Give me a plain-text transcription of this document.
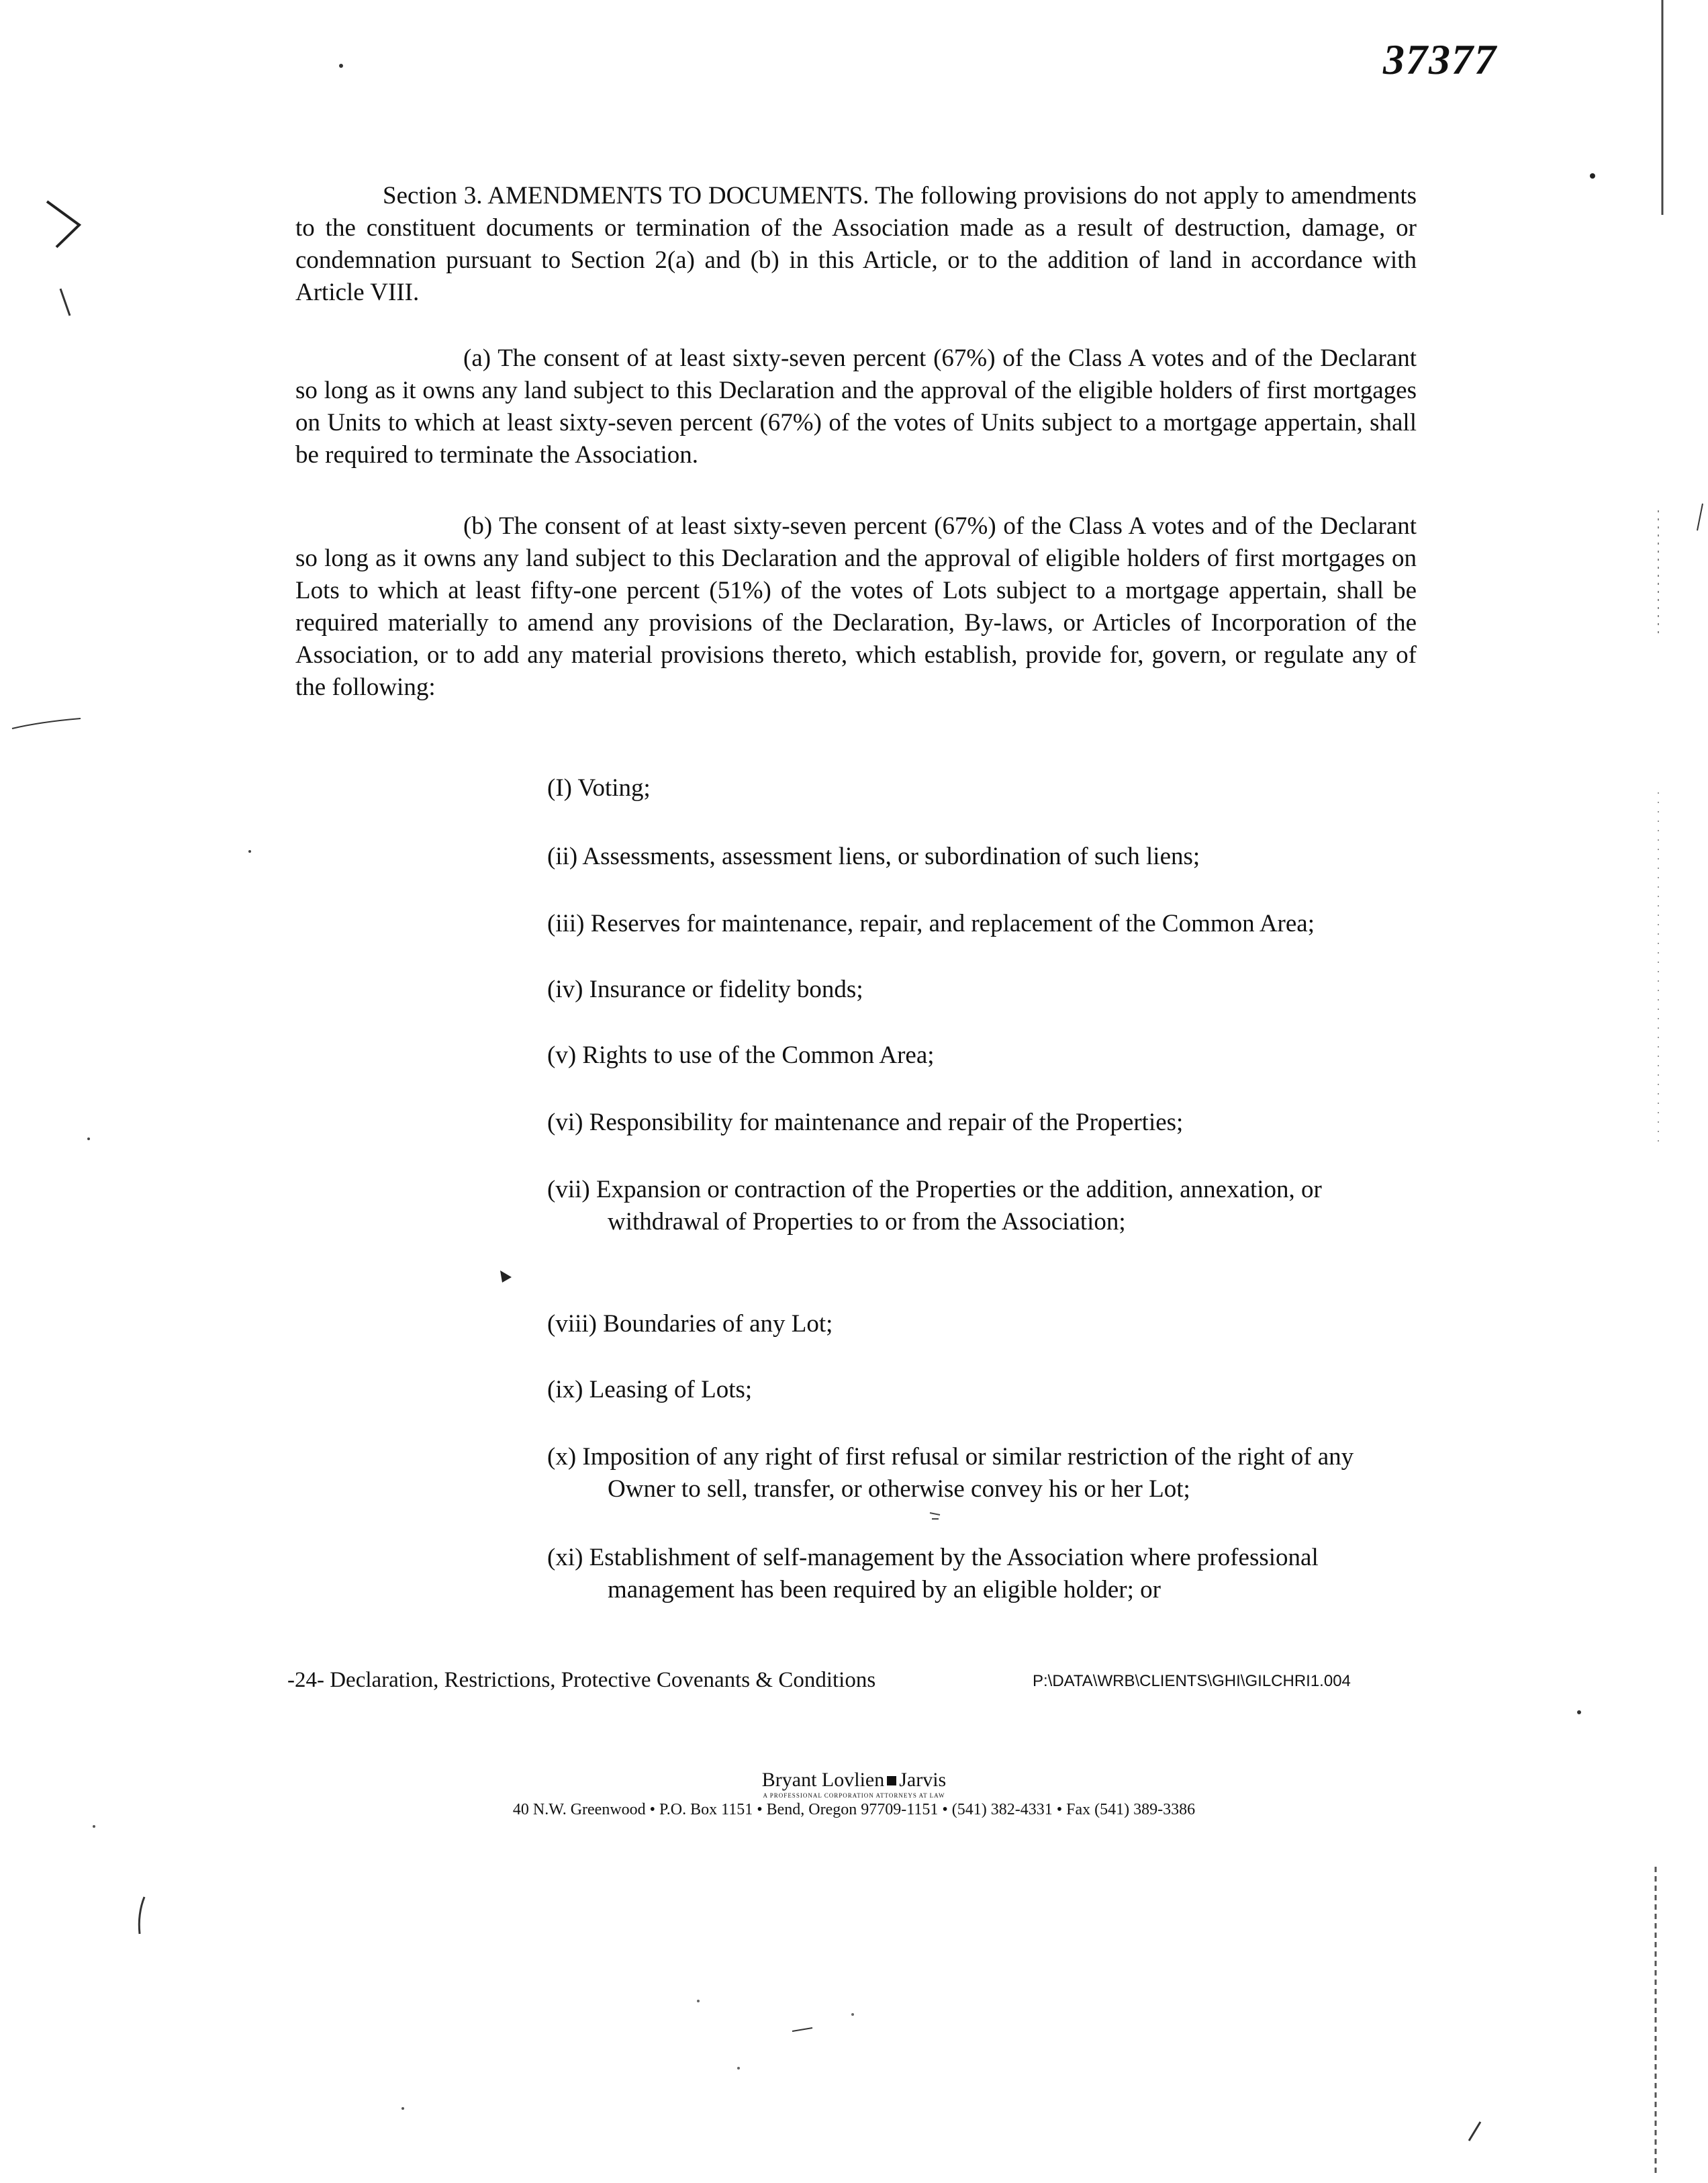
37377

Section 3. AMENDMENTS TO DOCUMENTS. The following provisions do not apply to amendments to the constituent documents or termination of the Association made as a result of destruction, damage, or condemnation pursuant to Section 2(a) and (b) in this Article, or to the addition of land in accordance with Article VIII.

(a) The consent of at least sixty-seven percent (67%) of the Class A votes and of the Declarant so long as it owns any land subject to this Declaration and the approval of the eligible holders of first mortgages on Units to which at least sixty-seven percent (67%) of the votes of Units subject to a mortgage appertain, shall be required to terminate the Association.

(b) The consent of at least sixty-seven percent (67%) of the Class A votes and of the Declarant so long as it owns any land subject to this Declaration and the approval of eligible holders of first mortgages on Lots to which at least fifty-one percent (51%) of the votes of Lots subject to a mortgage appertain, shall be required materially to amend any provisions of the Declaration, By-laws, or Articles of Incorporation of the Association, or to add any material provisions thereto, which establish, provide for, govern, or regulate any of the following:

(I) Voting;
(ii) Assessments, assessment liens, or subordination of such liens;
(iii) Reserves for maintenance, repair, and replacement of the Common Area;
(iv) Insurance or fidelity bonds;
(v) Rights to use of the Common Area;
(vi) Responsibility for maintenance and repair of the Properties;
(vii) Expansion or contraction of the Properties or the addition, annexation, or withdrawal of Properties to or from the Association;
(viii) Boundaries of any Lot;
(ix) Leasing of Lots;
(x) Imposition of any right of first refusal or similar restriction of the right of any Owner to sell, transfer, or otherwise convey his or her Lot;
(xi) Establishment of self-management by the Association where professional management has been required by an eligible holder; or
-24- Declaration, Restrictions, Protective Covenants & Conditions	P:\DATA\WRB\CLIENTS\GHI\GILCHRI1.004
Bryant Lovlien Jarvis
A PROFESSIONAL CORPORATION ATTORNEYS AT LAW
40 N.W. Greenwood • P.O. Box 1151 • Bend, Oregon 97709-1151 • (541) 382-4331 • Fax (541) 389-3386
